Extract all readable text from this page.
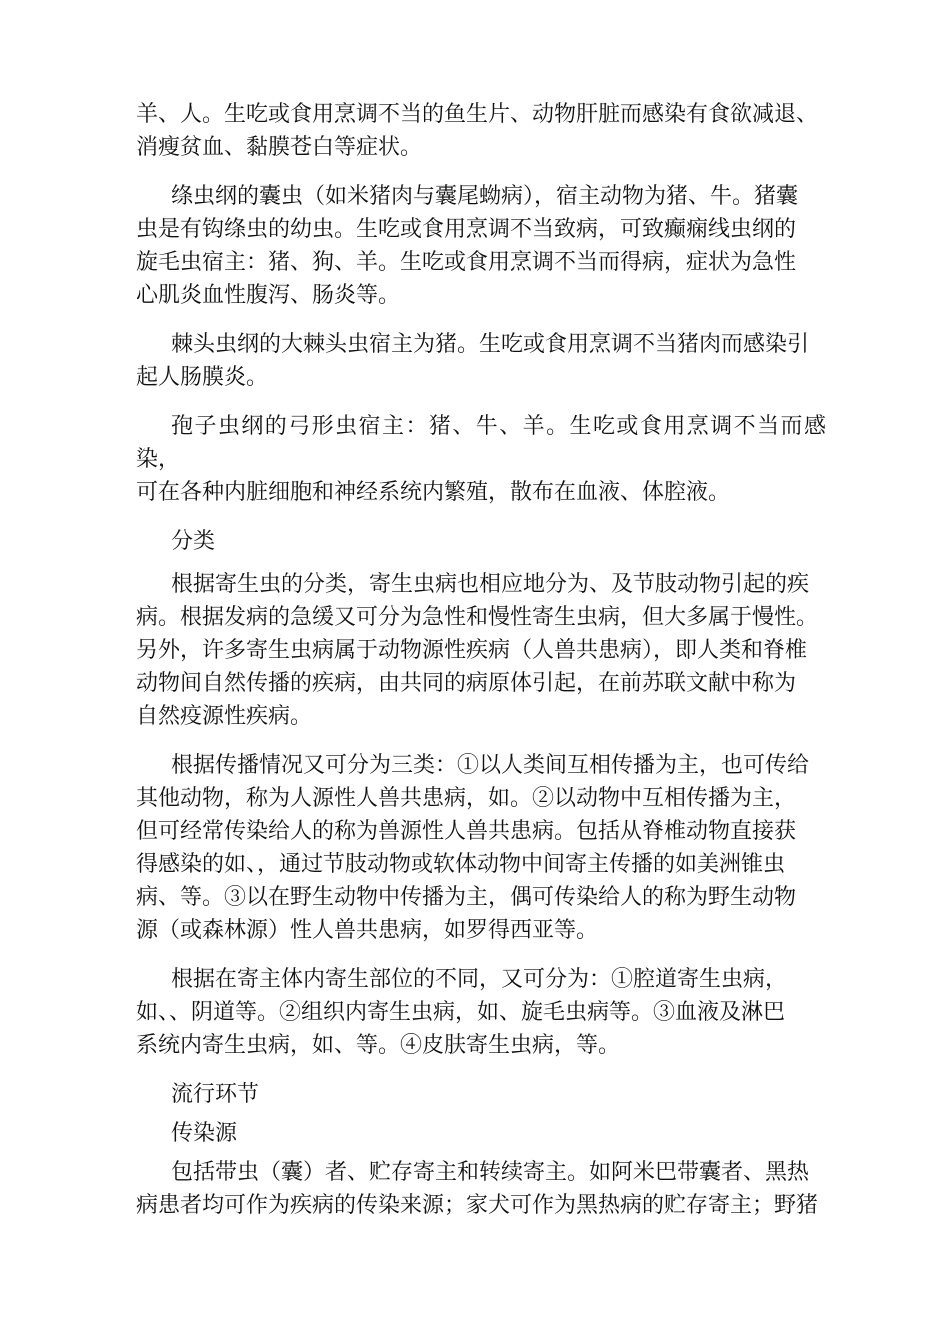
羊、人。生吃或食用烹调不当的鱼生片、动物肝脏而感染有食欲减退、

消瘦贫血、黏膜苍白等症状。

绦虫纲的囊虫（如米猪肉与囊尾蚴病），宿主动物为猪、牛。猪囊

虫是有钩绦虫的幼虫。生吃或食用烹调不当致病，可致癫痫线虫纲的

旋毛虫宿主：猪、狗、羊。生吃或食用烹调不当而得病，症状为急性

心肌炎血性腹泻、肠炎等。

棘头虫纲的大棘头虫宿主为猪。生吃或食用烹调不当猪肉而感染引

起人肠膜炎。

孢子虫纲的弓形虫宿主：猪、牛、羊。生吃或食用烹调不当而感染，

可在各种内脏细胞和神经系统内繁殖，散布在血液、体腔液。

分类

根据寄生虫的分类，寄生虫病也相应地分为、及节肢动物引起的疾

病。根据发病的急缓又可分为急性和慢性寄生虫病，但大多属于慢性。

另外，许多寄生虫病属于动物源性疾病（人兽共患病），即人类和脊椎

动物间自然传播的疾病，由共同的病原体引起，在前苏联文献中称为

自然疫源性疾病。

根据传播情况又可分为三类：①以人类间互相传播为主，也可传给

其他动物，称为人源性人兽共患病，如。②以动物中互相传播为主，

但可经常传染给人的称为兽源性人兽共患病。包括从脊椎动物直接获

得感染的如、，通过节肢动物或软体动物中间寄主传播的如美洲锥虫

病、等。③以在野生动物中传播为主，偶可传染给人的称为野生动物

源（或森林源）性人兽共患病，如罗得西亚等。

根据在寄主体内寄生部位的不同，又可分为：①腔道寄生虫病，

如、、阴道等。②组织内寄生虫病，如、旋毛虫病等。③血液及淋巴

系统内寄生虫病，如、等。④皮肤寄生虫病，等。

流行环节

传染源

包括带虫（囊）者、贮存寄主和转续寄主。如阿米巴带囊者、黑热

病患者均可作为疾病的传染来源；家犬可作为黑热病的贮存寄主；野猪
